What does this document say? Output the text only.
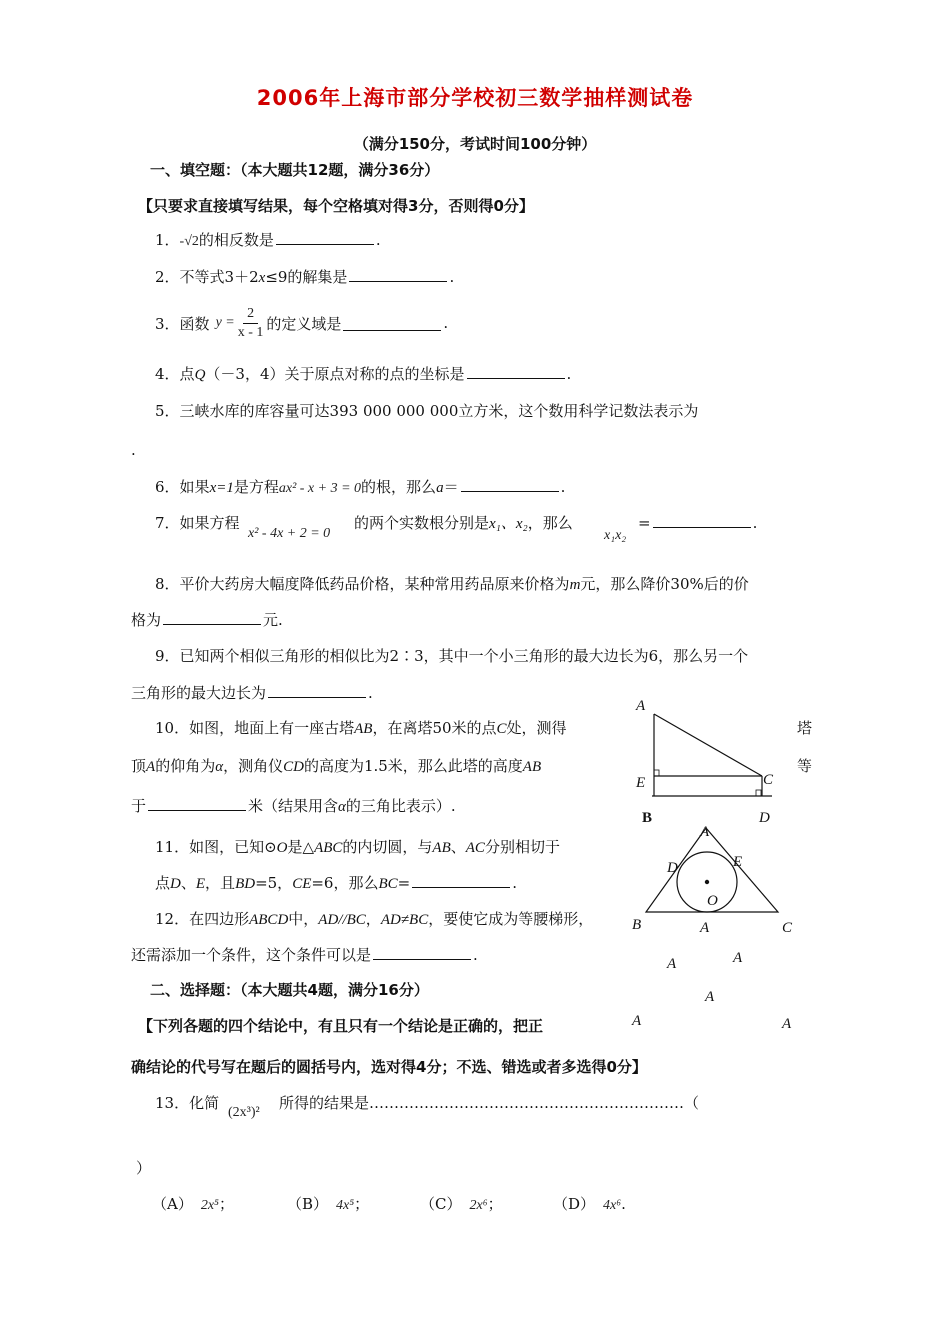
2006年上海市部分学校初三数学抽样测试卷
（满分150分，考试时间100分钟）
一、填空题：（本大题共12题，满分36分）
【只要求直接填写结果，每个空格填对得3分，否则得0分】
1．-√2的相反数是	.
2．不等式3＋2x≤9的解集是	.
3． 函数 $y = \frac{2}{x - 1}$ 的定义域是	.
4．点Q（－3，4）关于原点对称的点的坐标是	.
5．三峡水库的库容量可达393 000 000 000立方米，这个数用科学记数法表示为
.
6．如果x=1是方程ax² - x + 3 = 0的根，那么a＝	.
7．如果方程
x² - 4x + 2 = 0
的两个实数根分别是x₁、x₂，那么
x₁x₂
=	.
8．平价大药房大幅度降低药品价格，某种常用药品原来价格为m元，那么降价30%后的价
格为	元.
9．已知两个相似三角形的相似比为2∶3，其中一个小三角形的最大边长为6，那么另一个
三角形的最大边长为	.
10．如图，地面上有一座古塔AB，在离塔50米的点C处，测得	塔
顶A的仰角为α，测角仪CD的高度为1.5米，那么此塔的高度AB	等
于	米（结果用含α的三角比表示）.
11．如图，已知⊙O是△ABC的内切圆，与AB、AC分别相切于
点D、E，且BD=5，CE=6，那么BC=	.
12．在四边形ABCD中，AD//BC，AD≠BC，要使它成为等腰梯形，
还需添加一个条件，这个条件可以是	.
二、选择题：（本大题共4题，满分16分）
【下列各题的四个结论中，有且只有一个结论是正确的，把正
确结论的代号写在题后的圆括号内，选对得4分；不选、错选或者多选得0分】
13．化简
(2x³)²
所得的结果是………………………………………………………（
）
（A） 2x⁵；	（B） 4x⁵；	（C） 2x⁶；	（D） 4x⁶.
A
E	C
B	D
A
D	E
O
B	C
A
A	A
A
A	A
